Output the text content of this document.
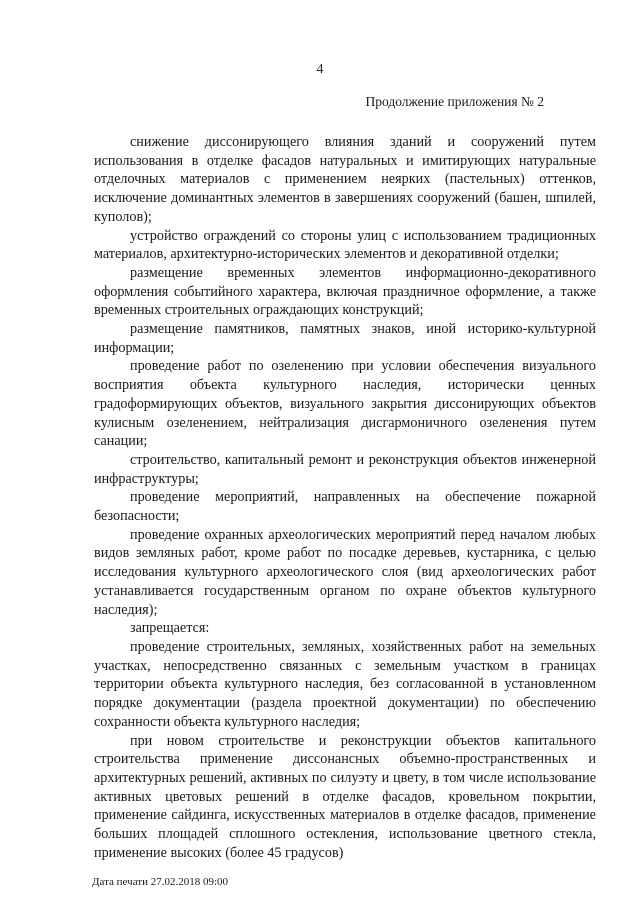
4
Продолжение приложения № 2

снижение диссонирующего влияния зданий и сооружений путем использования в отделке фасадов натуральных и имитирующих натуральные отделочных материалов с применением неярких (пастельных) оттенков, исключение доминантных элементов в завершениях сооружений (башен, шпилей, куполов);

устройство ограждений со стороны улиц с использованием традиционных материалов, архитектурно-исторических элементов и декоративной отделки;

размещение временных элементов информационно-декоративного оформления событийного характера, включая праздничное оформление, а также временных строительных ограждающих конструкций;

размещение памятников, памятных знаков, иной историко-культурной информации;

проведение работ по озеленению при условии обеспечения визуального восприятия объекта культурного наследия, исторически ценных градоформирующих объектов, визуального закрытия диссонирующих объектов кулисным озеленением, нейтрализация дисгармоничного озеленения путем санации;

строительство, капитальный ремонт и реконструкция объектов инженерной инфраструктуры;

проведение мероприятий, направленных на обеспечение пожарной безопасности;

проведение охранных археологических мероприятий перед началом любых видов земляных работ, кроме работ по посадке деревьев, кустарника, с целью исследования культурного археологического слоя (вид археологических работ устанавливается государственным органом по охране объектов культурного наследия);

запрещается:

проведение строительных, земляных, хозяйственных работ на земельных участках, непосредственно связанных с земельным участком в границах территории объекта культурного наследия, без согласованной в установленном порядке документации (раздела проектной документации) по обеспечению сохранности объекта культурного наследия;

при новом строительстве и реконструкции объектов капитального строительства применение диссонансных объемно-пространственных и архитектурных решений, активных по силуэту и цвету, в том числе использование активных цветовых решений в отделке фасадов, кровельном покрытии, применение сайдинга, искусственных материалов в отделке фасадов, применение больших площадей сплошного остекления, использование цветного стекла, применение высоких (более 45 градусов)

Дата печати 27.02.2018 09:00
